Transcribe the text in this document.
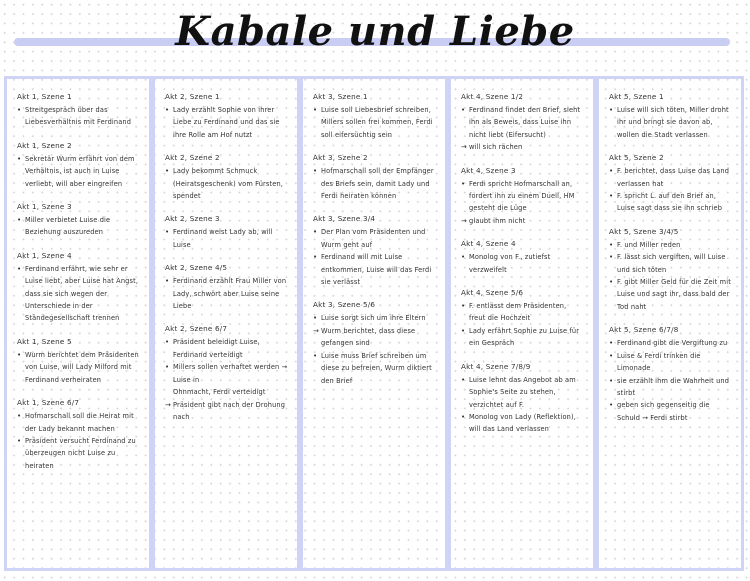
Kabale und Liebe
Akt 1, Szene 1
• Streitgespräch über das Liebesverhältnis mit Ferdinand
Akt 1, Szene 2
• Sekretär Wurm erfährt von dem Verhältnis, ist auch in Luise verliebt, will aber eingreifen
Akt 1, Szene 3
• Miller verbietet Luise die Beziehung auszureden
Akt 1, Szene 4
• Ferdinand erfährt, wie sehr er Luise liebt, aber Luise hat Angst, dass sie sich wegen der Unterschiede in der Ständegesellschaft trennen
Akt 1, Szene 5
• Wurm berichtet dem Präsidenten von Luise, will Lady Milford mit Ferdinand verheiraten
Akt 1, Szene 6/7
• Hofmarschall soll die Heirat mit der Lady bekannt machen
• Präsident versucht Ferdinand zu überzeugen nicht Luise zu heiraten
Akt 2, Szene 1
• Lady erzählt Sophie von ihrer Liebe zu Ferdinand und das sie ihre Rolle am Hof nutzt
Akt 2, Szene 2
• Lady bekommt Schmuck (Heiratsgeschenk) vom Fürsten, spendet
Akt 2, Szene 3
• Ferdinand weist Lady ab, will Luise
Akt 2, Szene 4/5
• Ferdinand erzählt Frau Miller von Lady, schwört aber Luise seine Liebe
Akt 2, Szene 6/7
• Präsident beleidigt Luise, Ferdinand verteidigt
• Millers sollen verhaftet werden → Luise in
Ohnmacht, Ferdi verteidigt
→ Präsident gibt nach der Drohung nach
Akt 3, Szene 1
• Luise soll Liebesbrief schreiben, Millers sollen frei kommen, Ferdi soll eifersüchtig sein
Akt 3, Szene 2
• Hofmarschall soll der Empfänger des Briefs sein, damit Lady und Ferdi heiraten können
Akt 3, Szene 3/4
• Der Plan vom Präsidenten und Wurm geht auf
• Ferdinand will mit Luise entkommen, Luise will das Ferdi sie verlässt
Akt 3, Szene 5/6
• Luise sorgt sich um ihre Eltern
→ Wurm berichtet, dass diese gefangen sind
• Luise muss Brief schreiben um diese zu befreien, Wurm diktiert den Brief
Akt 4, Szene 1/2
• Ferdinand findet den Brief, sieht ihn als Beweis, dass Luise ihn nicht liebt (Eifersucht)
→ will sich rächen
Akt 4, Szene 3
• Ferdi spricht Hofmarschall an, fordert ihn zu einem Duell, HM gesteht die Lüge
→ glaubt ihm nicht
Akt 4, Szene 4
• Monolog von F., zutiefst verzweifelt
Akt 4, Szene 5/6
• F. entlässt dem Präsidenten, freut die Hochzeit
• Lady erfährt Sophie zu Luise für ein Gespräch
Akt 4, Szene 7/8/9
• Luise lehnt das Angebot ab am Sophie's Seite zu stehen, verzichtet auf F.
• Monolog von Lady (Reflektion), will das Land verlassen
Akt 5, Szene 1
• Luise will sich töten, Miller droht ihr und bringt sie davon ab, wollen die Stadt verlassen
Akt 5, Szene 2
• F. berichtet, dass Luise das Land verlassen hat
• F. spricht L. auf den Brief an, Luise sagt dass sie ihn schrieb
Akt 5, Szene 3/4/5
• F. und Miller reden
• F. lässt sich vergiften, will Luise und sich töten
• F. gibt Miller Geld für die Zeit mit Luise und sagt ihr, dass bald der Tod naht
Akt 5, Szene 6/7/8
• Ferdinand gibt die Vergiftung zu
• Luise & Ferdi trinken die Limonade
• sie erzählt ihm die Wahrheit und stirbt
• geben sich gegenseitig die Schuld → Ferdi stirbt
